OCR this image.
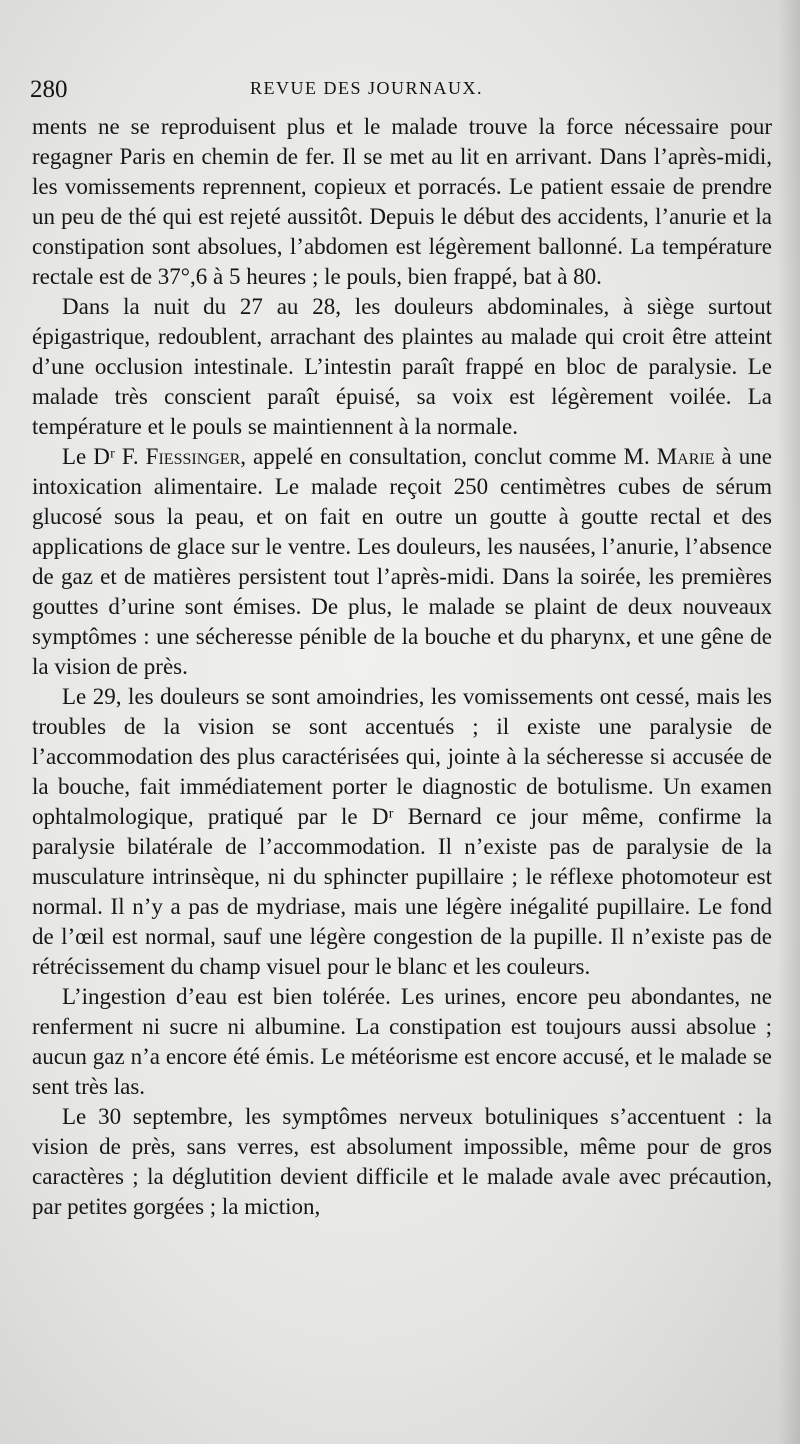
280	REVUE DES JOURNAUX.

ments ne se reproduisent plus et le malade trouve la force nécessaire pour regagner Paris en chemin de fer. Il se met au lit en arrivant. Dans l’après-midi, les vomissements reprennent, copieux et porracés. Le patient essaie de prendre un peu de thé qui est rejeté aussitôt. Depuis le début des accidents, l’anurie et la constipation sont absolues, l’abdomen est légèrement ballonné. La température rectale est de 37°,6 à 5 heures ; le pouls, bien frappé, bat à 80.

Dans la nuit du 27 au 28, les douleurs abdominales, à siège surtout épigastrique, redoublent, arrachant des plaintes au malade qui croit être atteint d’une occlusion intestinale. L’intestin paraît frappé en bloc de paralysie. Le malade très conscient paraît épuisé, sa voix est légèrement voilée. La température et le pouls se maintiennent à la normale.

Le Dʳ F. Fiessinger, appelé en consultation, conclut comme M. Marie à une intoxication alimentaire. Le malade reçoit 250 centimètres cubes de sérum glucosé sous la peau, et on fait en outre un goutte à goutte rectal et des applications de glace sur le ventre. Les douleurs, les nausées, l’anurie, l’absence de gaz et de matières persistent tout l’après-midi. Dans la soirée, les premières gouttes d’urine sont émises. De plus, le malade se plaint de deux nouveaux symptômes : une sécheresse pénible de la bouche et du pharynx, et une gêne de la vision de près.

Le 29, les douleurs se sont amoindries, les vomissements ont cessé, mais les troubles de la vision se sont accentués ; il existe une paralysie de l’accommodation des plus caractérisées qui, jointe à la sécheresse si accusée de la bouche, fait immédiatement porter le diagnostic de botulisme. Un examen ophtalmologique, pratiqué par le Dʳ Bernard ce jour même, confirme la paralysie bilatérale de l’accommodation. Il n’existe pas de paralysie de la musculature intrinsèque, ni du sphincter pupillaire ; le réflexe photomoteur est normal. Il n’y a pas de mydriase, mais une légère inégalité pupillaire. Le fond de l’œil est normal, sauf une légère congestion de la pupille. Il n’existe pas de rétrécissement du champ visuel pour le blanc et les couleurs.

L’ingestion d’eau est bien tolérée. Les urines, encore peu abondantes, ne renferment ni sucre ni albumine. La constipation est toujours aussi absolue ; aucun gaz n’a encore été émis. Le météorisme est encore accusé, et le malade se sent très las.

Le 30 septembre, les symptômes nerveux botuliniques s’accentuent : la vision de près, sans verres, est absolument impossible, même pour de gros caractères ; la déglutition devient difficile et le malade avale avec précaution, par petites gorgées ; la miction,
